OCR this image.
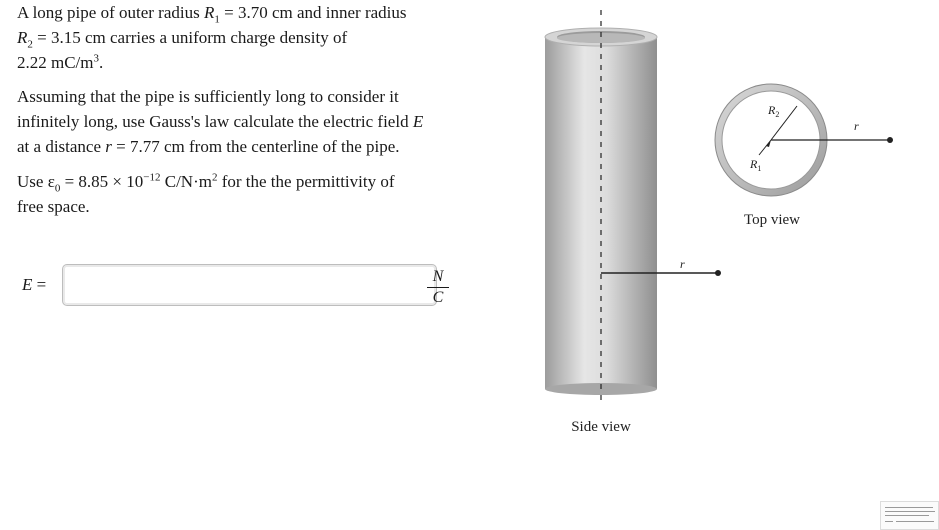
A long pipe of outer radius $R_1 = 3.70$ cm and inner radius
$R_2 = 3.15$ cm carries a uniform charge density of
2.22 $mC/m^3$.

Assuming that the pipe is sufficiently long to consider it
infinitely long, use Gauss's law calculate the electric field E
at a distance r = 7.77 cm from the centerline of the pipe.

Use $\varepsilon_0 = 8.85 \times 10^{-12}$ $C/N\cdot m^2$ for the the permittivity of
free space.

E =	N
C
r
Side view
$R_2$
$R_1$
r
Top view
